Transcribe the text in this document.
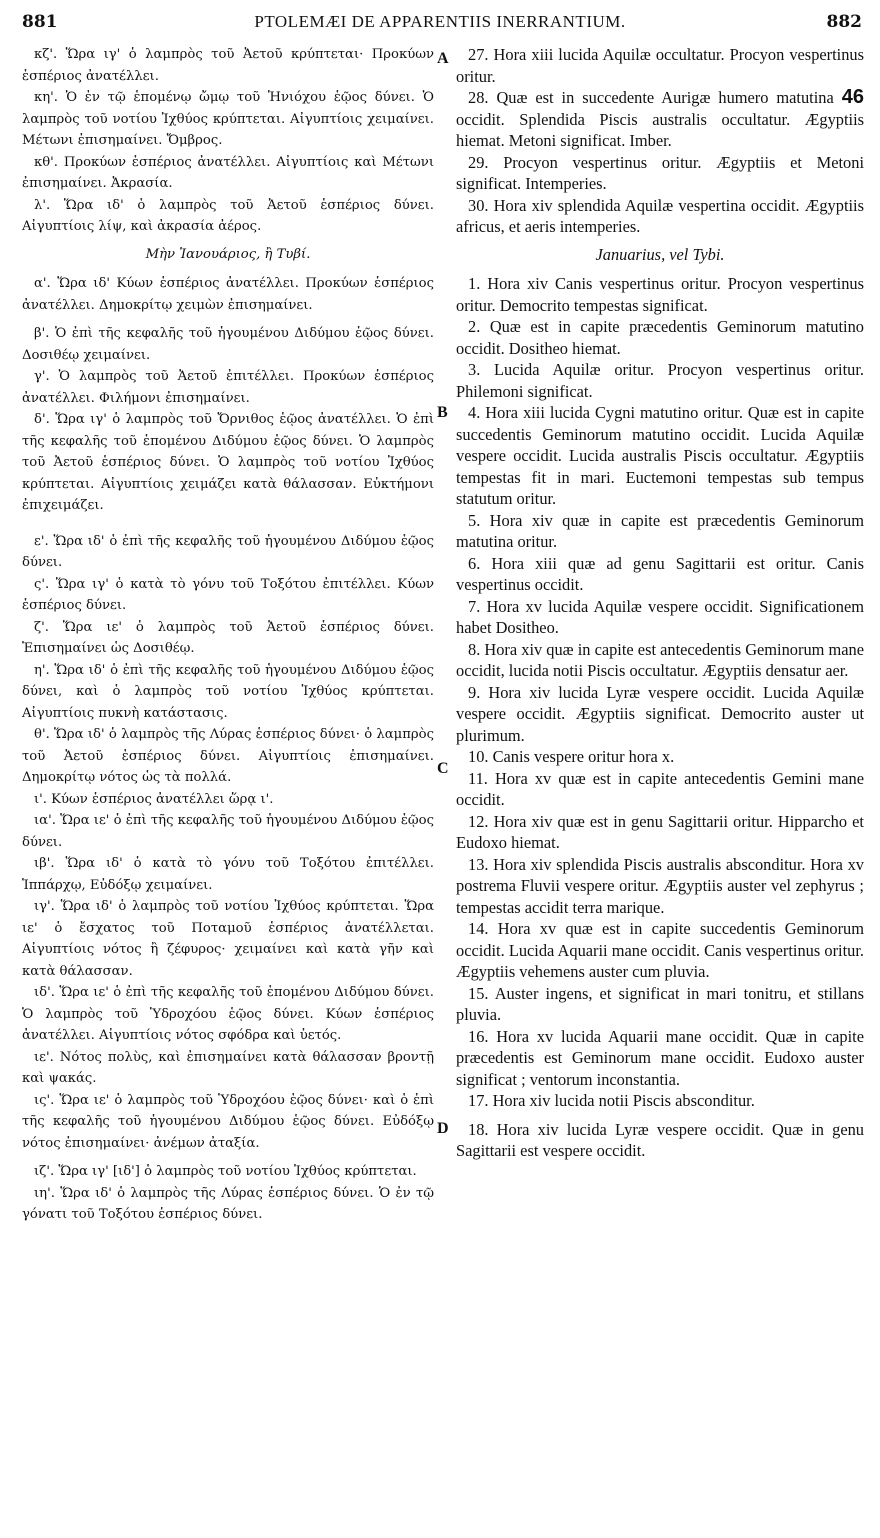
881	PTOLEMÆI DE APPARENTIIS INERRANTIUM.	882
A
B
C
D

κζ'. Ὥρα ιγ' ὁ λαμπρὸς τοῦ Ἀετοῦ κρύπτεται· Προκύων ἑσπέριος ἀνατέλλει.

κη'. Ὁ ἐν τῷ ἑπομένῳ ὤμῳ τοῦ Ἡνιόχου ἑῷος δύνει. Ὁ λαμπρὸς τοῦ νοτίου Ἰχθύος κρύπτεται. Αἰγυπτίοις χειμαίνει. Μέτωνι ἐπισημαίνει. Ὄμβρος.

κθ'. Προκύων ἑσπέριος ἀνατέλλει. Αἰγυπτίοις καὶ Μέτωνι ἐπισημαίνει. Ἀκρασία.

λ'. Ὥρα ιδ' ὁ λαμπρὸς τοῦ Ἀετοῦ ἑσπέριος δύνει. Αἰγυπτίοις λίψ, καὶ ἀκρασία ἀέρος.

Μὴν Ἰανουάριος, ἢ Τυβί.

α'. Ὥρα ιδ' Κύων ἑσπέριος ἀνατέλλει. Προκύων ἑσπέριος ἀνατέλλει. Δημοκρίτῳ χειμὼν ἐπισημαίνει.

β'. Ὁ ἐπὶ τῆς κεφαλῆς τοῦ ἡγουμένου Διδύμου ἑῷος δύνει. Δοσιθέῳ χειμαίνει.

γ'. Ὁ λαμπρὸς τοῦ Ἀετοῦ ἐπιτέλλει. Προκύων ἑσπέριος ἀνατέλλει. Φιλήμονι ἐπισημαίνει.

δ'. Ὥρα ιγ' ὁ λαμπρὸς τοῦ Ὄρνιθος ἑῷος ἀνατέλλει. Ὁ ἐπὶ τῆς κεφαλῆς τοῦ ἑπομένου Διδύμου ἑῷος δύνει. Ὁ λαμπρὸς τοῦ Ἀετοῦ ἑσπέριος δύνει. Ὁ λαμπρὸς τοῦ νοτίου Ἰχθύος κρύπτεται. Αἰγυπτίοις χειμάζει κατὰ θάλασσαν. Εὐκτήμονι ἐπιχειμάζει.

ε'. Ὥρα ιδ' ὁ ἐπὶ τῆς κεφαλῆς τοῦ ἡγουμένου Διδύμου ἑῷος δύνει.

ς'. Ὥρα ιγ' ὁ κατὰ τὸ γόνυ τοῦ Τοξότου ἐπιτέλλει. Κύων ἑσπέριος δύνει.

ζ'. Ὥρα ιε' ὁ λαμπρὸς τοῦ Ἀετοῦ ἑσπέριος δύνει. Ἐπισημαίνει ὡς Δοσιθέῳ.

η'. Ὥρα ιδ' ὁ ἐπὶ τῆς κεφαλῆς τοῦ ἡγουμένου Διδύμου ἑῷος δύνει, καὶ ὁ λαμπρὸς τοῦ νοτίου Ἰχθύος κρύπτεται. Αἰγυπτίοις πυκνὴ κατάστασις.

θ'. Ὥρα ιδ' ὁ λαμπρὸς τῆς Λύρας ἑσπέριος δύνει· ὁ λαμπρὸς τοῦ Ἀετοῦ ἑσπέριος δύνει. Αἰγυπτίοις ἐπισημαίνει. Δημοκρίτῳ νότος ὡς τὰ πολλά.

ι'. Κύων ἑσπέριος ἀνατέλλει ὥρᾳ ι'.

ια'. Ὥρα ιε' ὁ ἐπὶ τῆς κεφαλῆς τοῦ ἡγουμένου Διδύμου ἑῷος δύνει.

ιβ'. Ὥρα ιδ' ὁ κατὰ τὸ γόνυ τοῦ Τοξότου ἐπιτέλλει. Ἱππάρχῳ, Εὐδόξῳ χειμαίνει.

ιγ'. Ὥρα ιδ' ὁ λαμπρὸς τοῦ νοτίου Ἰχθύος κρύπτεται. Ὥρα ιε' ὁ ἔσχατος τοῦ Ποταμοῦ ἑσπέριος ἀνατέλλεται. Αἰγυπτίοις νότος ἢ ζέφυρος· χειμαίνει καὶ κατὰ γῆν καὶ κατὰ θάλασσαν.

ιδ'. Ὥρα ιε' ὁ ἐπὶ τῆς κεφαλῆς τοῦ ἑπομένου Διδύμου δύνει. Ὁ λαμπρὸς τοῦ Ὑδροχόου ἑῷος δύνει. Κύων ἑσπέριος ἀνατέλλει. Αἰγυπτίοις νότος σφόδρα καὶ ὑετός.

ιε'. Νότος πολὺς, καὶ ἐπισημαίνει κατὰ θάλασσαν βροντῇ καὶ ψακάς.

ις'. Ὥρα ιε' ὁ λαμπρὸς τοῦ Ὑδροχόου ἑῷος δύνει· καὶ ὁ ἐπὶ τῆς κεφαλῆς τοῦ ἡγουμένου Διδύμου ἑῷος δύνει. Εὐδόξῳ νότος ἐπισημαίνει· ἀνέμων ἀταξία.

ιζ'. Ὥρα ιγ' [ιδ'] ὁ λαμπρὸς τοῦ νοτίου Ἰχθύος κρύπτεται.

ιη'. Ὥρα ιδ' ὁ λαμπρὸς τῆς Λύρας ἑσπέριος δύνει. Ὁ ἐν τῷ γόνατι τοῦ Τοξότου ἑσπέριος δύνει.

27. Hora xiii lucida Aquilæ occultatur. Procyon vespertinus oritur.

28. Quæ est in succedente Aurigæ humero matutina 46 occidit. Splendida Piscis australis occultatur. Ægyptiis hiemat. Metoni significat. Imber.

29. Procyon vespertinus oritur. Ægyptiis et Metoni significat. Intemperies.

30. Hora xiv splendida Aquilæ vespertina occidit. Ægyptiis africus, et aeris intemperies.

Januarius, vel Tybi.

1. Hora xiv Canis vespertinus oritur. Procyon vespertinus oritur. Democrito tempestas significat.

2. Quæ est in capite præcedentis Geminorum matutino occidit. Dositheo hiemat.

3. Lucida Aquilæ oritur. Procyon vespertinus oritur. Philemoni significat.

4. Hora xiii lucida Cygni matutino oritur. Quæ est in capite succedentis Geminorum matutino occidit. Lucida Aquilæ vespere occidit. Lucida australis Piscis occultatur. Ægyptiis tempestas fit in mari. Euctemoni tempestas sub tempus statutum oritur.

5. Hora xiv quæ in capite est præcedentis Geminorum matutina oritur.

6. Hora xiii quæ ad genu Sagittarii est oritur. Canis vespertinus occidit.

7. Hora xv lucida Aquilæ vespere occidit. Significationem habet Dositheo.

8. Hora xiv quæ in capite est antecedentis Geminorum mane occidit, lucida notii Piscis occultatur. Ægyptiis densatur aer.

9. Hora xiv lucida Lyræ vespere occidit. Lucida Aquilæ vespere occidit. Ægyptiis significat. Democrito auster ut plurimum.

10. Canis vespere oritur hora x.

11. Hora xv quæ est in capite antecedentis Gemini mane occidit.

12. Hora xiv quæ est in genu Sagittarii oritur. Hipparcho et Eudoxo hiemat.

13. Hora xiv splendida Piscis australis absconditur. Hora xv postrema Fluvii vespere oritur. Ægyptiis auster vel zephyrus ; tempestas accidit terra marique.

14. Hora xv quæ est in capite succedentis Geminorum occidit. Lucida Aquarii mane occidit. Canis vespertinus oritur. Ægyptiis vehemens auster cum pluvia.

15. Auster ingens, et significat in mari tonitru, et stillans pluvia.

16. Hora xv lucida Aquarii mane occidit. Quæ in capite præcedentis est Geminorum mane occidit. Eudoxo auster significat ; ventorum inconstantia.

17. Hora xiv lucida notii Piscis absconditur.

18. Hora xiv lucida Lyræ vespere occidit. Quæ in genu Sagittarii est vespere occidit.
